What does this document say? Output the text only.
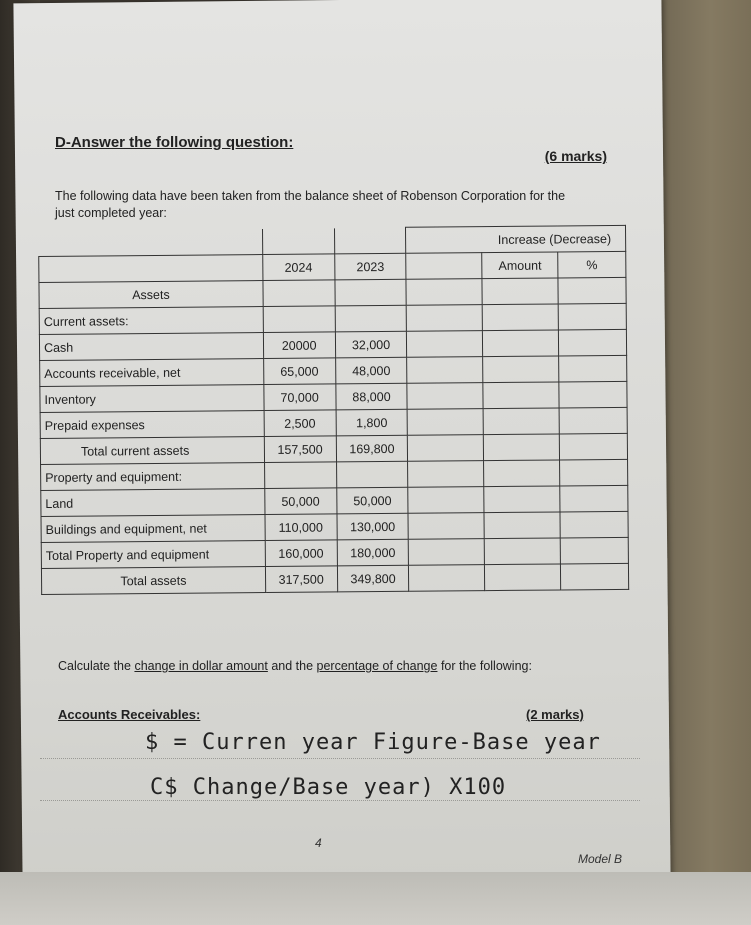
D-Answer the following question:
(6 marks)
The following data have been taken from the balance sheet of Robenson Corporation for the just completed year:
			Increase (Decrease)		
	2024	2023		Amount	%
Assets					
Current assets:					
Cash	20000	32,000			
Accounts receivable, net	65,000	48,000			
Inventory	70,000	88,000			
Prepaid expenses	2,500	1,800			
Total current assets	157,500	169,800			
Property and equipment:					
Land	50,000	50,000			
Buildings and equipment, net	110,000	130,000			
Total Property and equipment	160,000	180,000			
Total assets	317,500	349,800			
Calculate the change in dollar amount and the percentage of change for the following:
Accounts Receivables:	(2 marks)
$ = Curren year Figure-Base year
C$ Change/Base year) X100
4
Model B
